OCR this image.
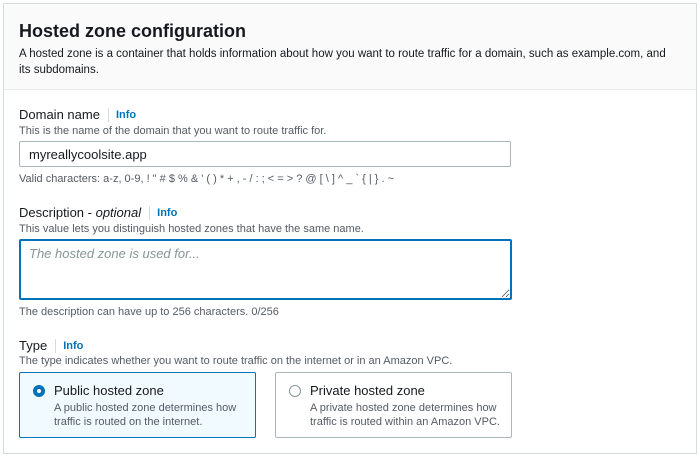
Hosted zone configuration

A hosted zone is a container that holds information about how you want to route traffic for a domain, such as example.com, and its subdomains.

Domain name	Info
This is the name of the domain that you want to route traffic for.
myreallycoolsite.app
Valid characters: a-z, 0-9, ! " # $ % & ' ( ) * + , - / : ; < = > ? @ [ \ ] ^ _ ` { | } . ~
Description - optional	Info
This value lets you distinguish hosted zones that have the same name.
The hosted zone is used for...
The description can have up to 256 characters. 0/256
Type	Info
The type indicates whether you want to route traffic on the internet or in an Amazon VPC.
Public hosted zone
A public hosted zone determines how traffic is routed on the internet.
Private hosted zone
A private hosted zone determines how traffic is routed within an Amazon VPC.
